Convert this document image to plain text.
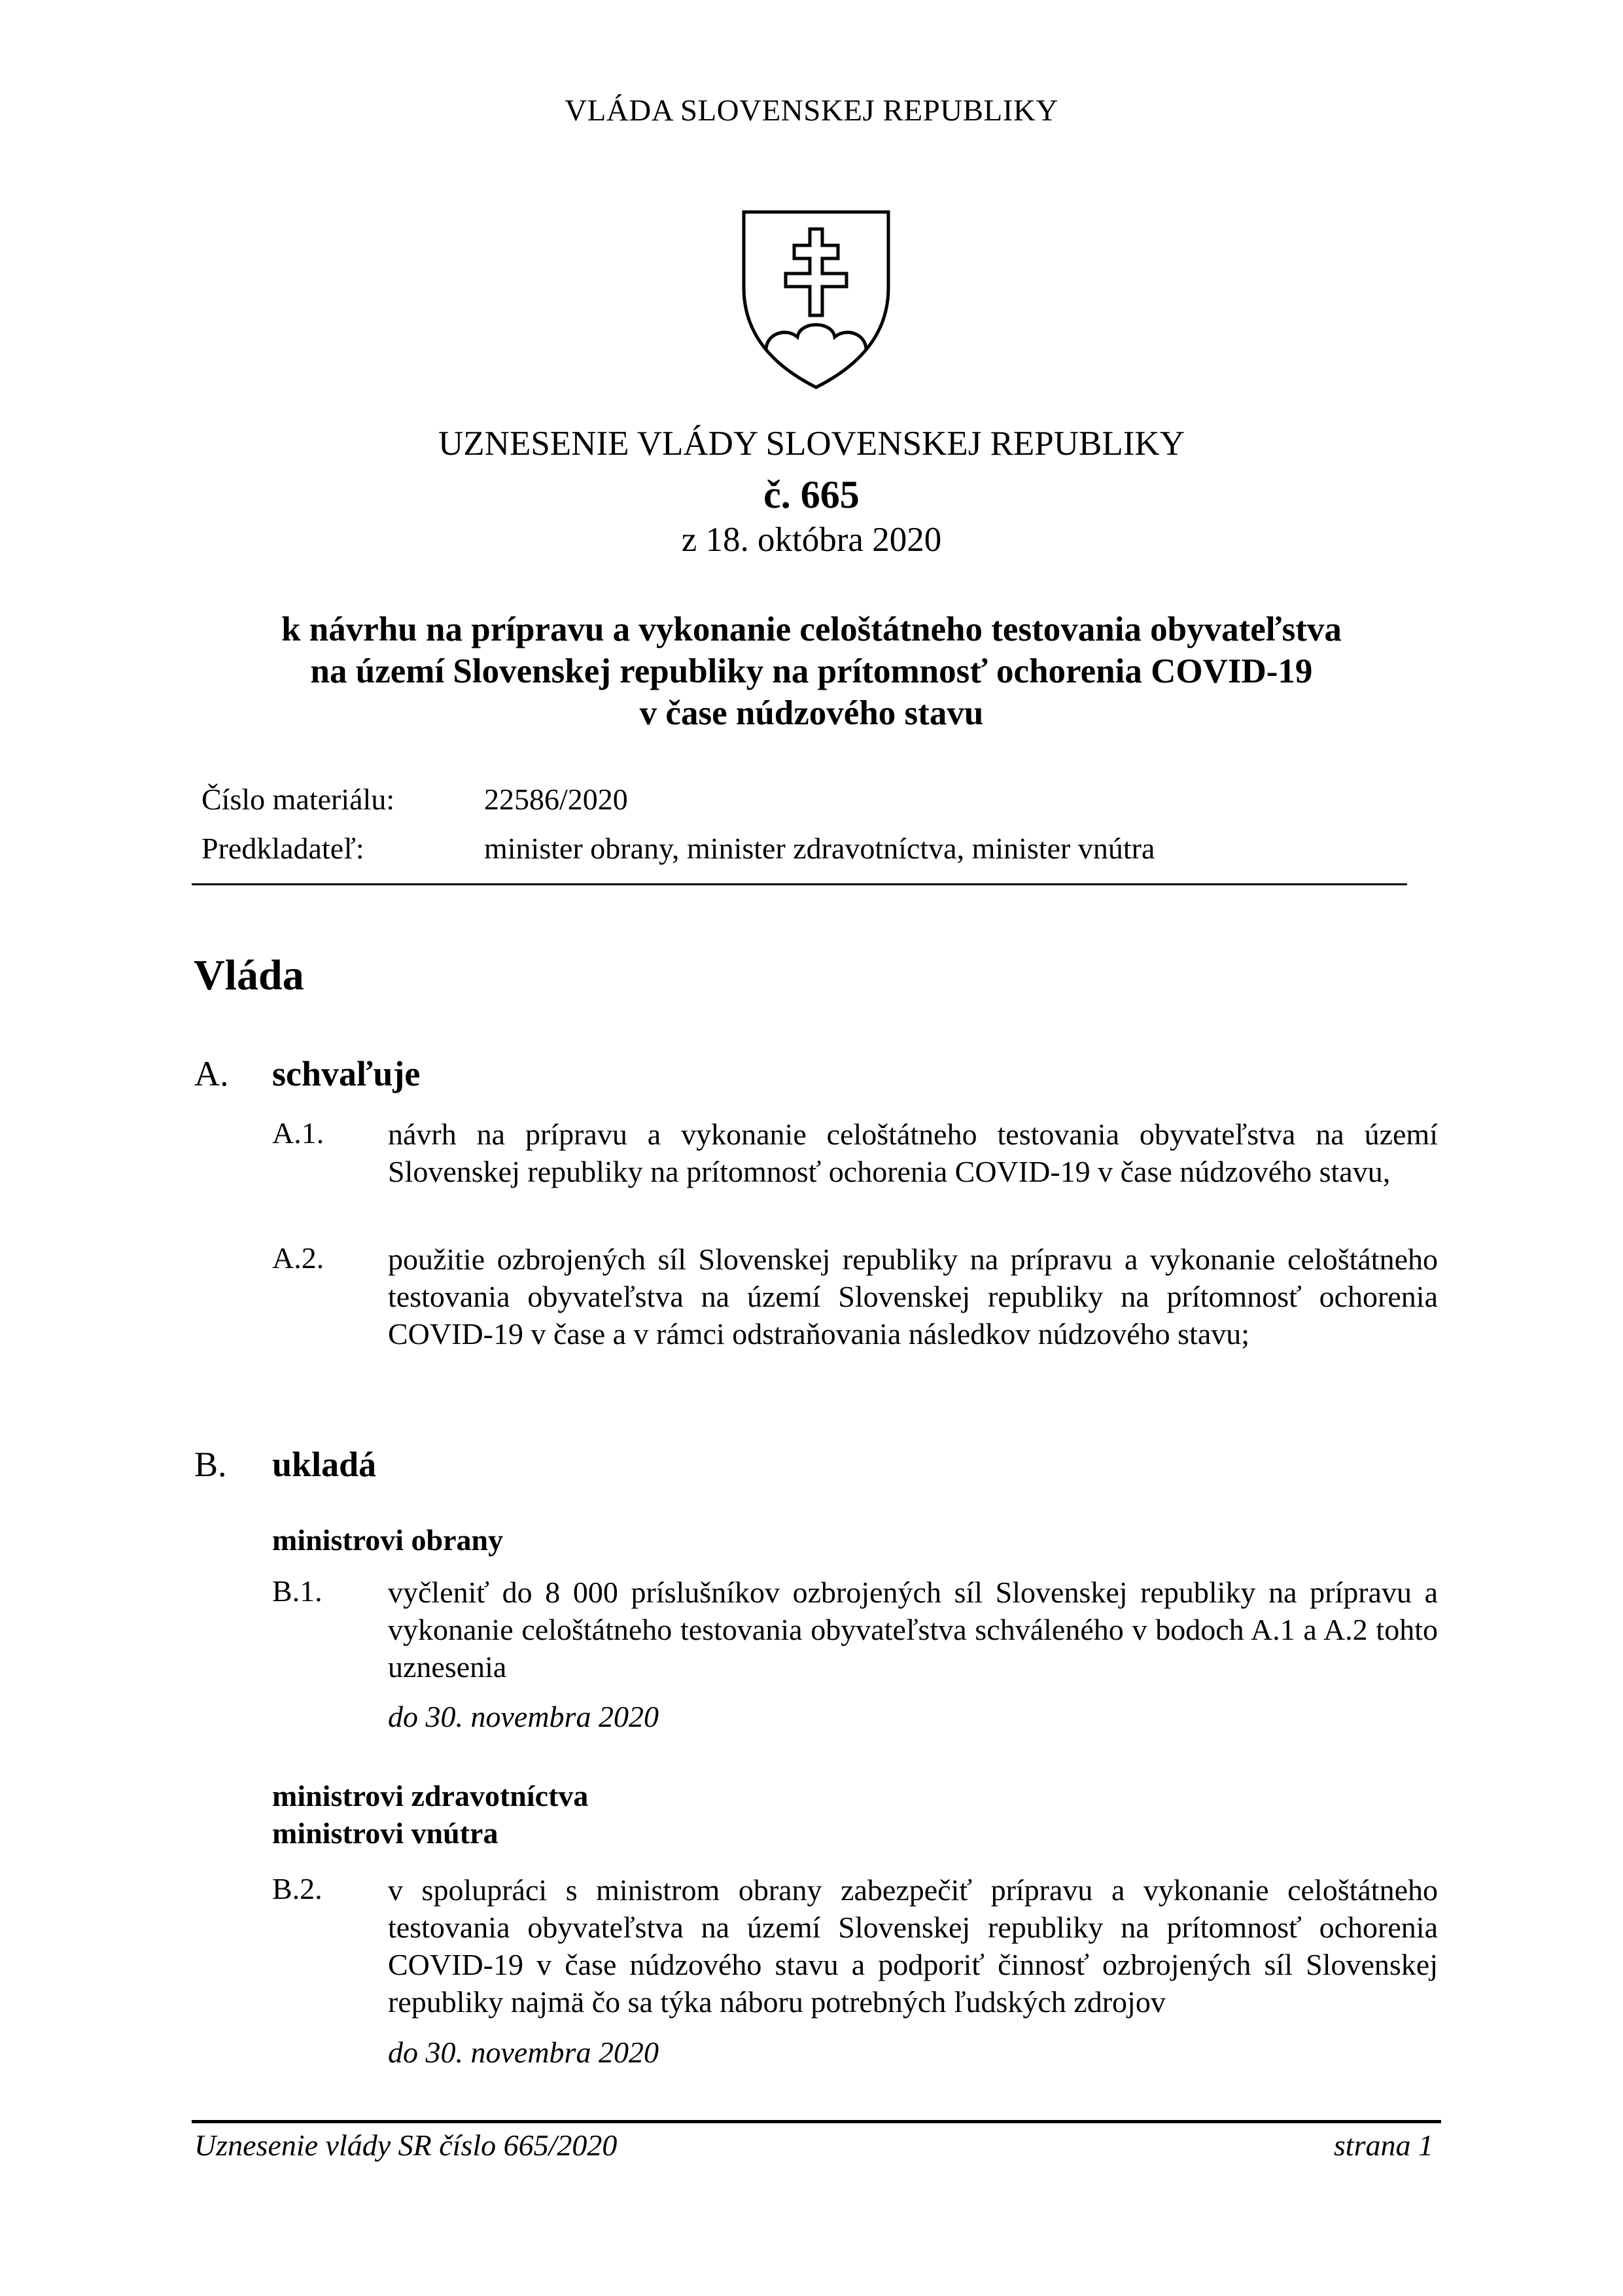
VLÁDA SLOVENSKEJ REPUBLIKY
UZNESENIE VLÁDY SLOVENSKEJ REPUBLIKY
č. 665
z 18. októbra 2020
k návrhu na prípravu a vykonanie celoštátneho testovania obyvateľstva
na území Slovenskej republiky na prítomnosť ochorenia COVID-19
v čase núdzového stavu
Číslo materiálu:	22586/2020
Predkladateľ:	minister obrany, minister zdravotníctva, minister vnútra
Vláda
A. schvaľuje
A.1. návrh na prípravu a vykonanie celoštátneho testovania obyvateľstva na území Slovenskej republiky na prítomnosť ochorenia COVID-19 v čase núdzového stavu,
A.2. použitie ozbrojených síl Slovenskej republiky na prípravu a vykonanie celoštátneho testovania obyvateľstva na území Slovenskej republiky na prítomnosť ochorenia COVID-19 v čase a v rámci odstraňovania následkov núdzového stavu;
B. ukladá
ministrovi obrany
B.1. vyčleniť do 8 000 príslušníkov ozbrojených síl Slovenskej republiky na prípravu a vykonanie celoštátneho testovania obyvateľstva schváleného v bodoch A.1 a A.2 tohto uznesenia
do 30. novembra 2020
ministrovi zdravotníctva
ministrovi vnútra
B.2. v spolupráci s ministrom obrany zabezpečiť prípravu a vykonanie celoštátneho testovania obyvateľstva na území Slovenskej republiky na prítomnosť ochorenia COVID-19 v čase núdzového stavu a podporiť činnosť ozbrojených síl Slovenskej republiky najmä čo sa týka náboru potrebných ľudských zdrojov
do 30. novembra 2020
Uznesenie vlády SR číslo 665/2020	strana 1
